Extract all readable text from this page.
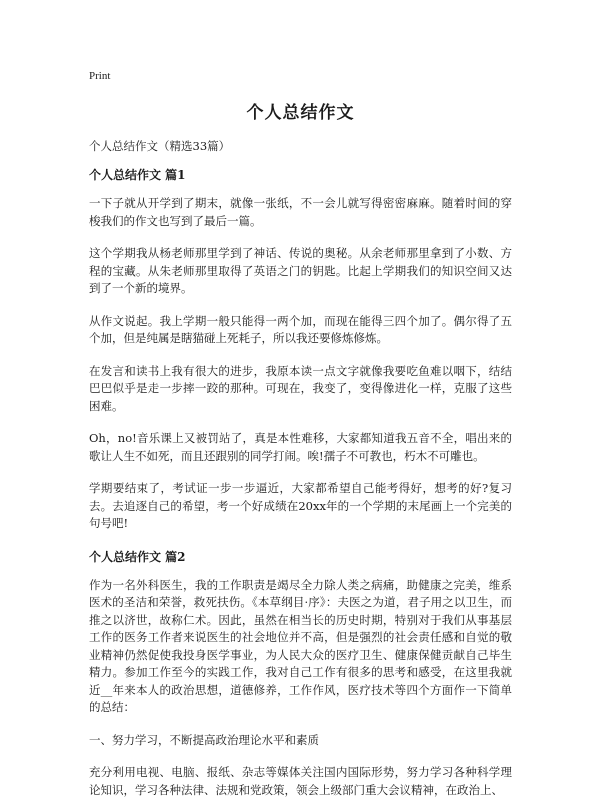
Print
个人总结作文

个人总结作文（精选33篇）

个人总结作文 篇1

一下子就从开学到了期末，就像一张纸，不一会儿就写得密密麻麻。随着时间的穿梭我们的作文也写到了最后一篇。

这个学期我从杨老师那里学到了神话、传说的奥秘。从余老师那里拿到了小数、方程的宝藏。从朱老师那里取得了英语之门的钥匙。比起上学期我们的知识空间又达到了一个新的境界。

从作文说起。我上学期一般只能得一两个加，而现在能得三四个加了。偶尔得了五个加，但是纯属是瞎猫碰上死耗子，所以我还要修炼修炼。

在发言和读书上我有很大的进步，我原本读一点文字就像我要吃鱼难以咽下，结结巴巴似乎是走一步摔一跤的那种。可现在，我变了，变得像进化一样，克服了这些困难。

Oh，no!音乐课上又被罚站了，真是本性难移，大家都知道我五音不全，唱出来的歌让人生不如死，而且还跟别的同学打闹。唉!孺子不可教也，朽木不可雕也。

学期要结束了，考试证一步一步逼近，大家都希望自己能考得好，想考的好?复习去。去追逐自己的希望，考一个好成绩在20xx年的一个学期的末尾画上一个完美的句号吧!

个人总结作文 篇2

作为一名外科医生，我的工作职责是竭尽全力除人类之病痛，助健康之完美，维系医术的圣洁和荣誉，救死扶伤。《本草纲目·序》：夫医之为道，君子用之以卫生，而推之以济世，故称仁术。因此，虽然在相当长的历史时期，特别对于我们从事基层工作的医务工作者来说医生的社会地位并不高，但是强烈的社会责任感和自觉的敬业精神仍然促使我投身医学事业，为人民大众的医疗卫生、健康保健贡献自己毕生精力。参加工作至今的实践工作，我对自己工作有很多的思考和感受，在这里我就近__年来本人的政治思想，道德修养，工作作风，医疗技术等四个方面作一下简单的总结：

一、努力学习，不断提高政治理论水平和素质

充分利用电视、电脑、报纸、杂志等媒体关注国内国际形势，努力学习各种科学理论知识，学习各种法律、法规和党政策，领会上级部门重大会议精神，在政治上、
